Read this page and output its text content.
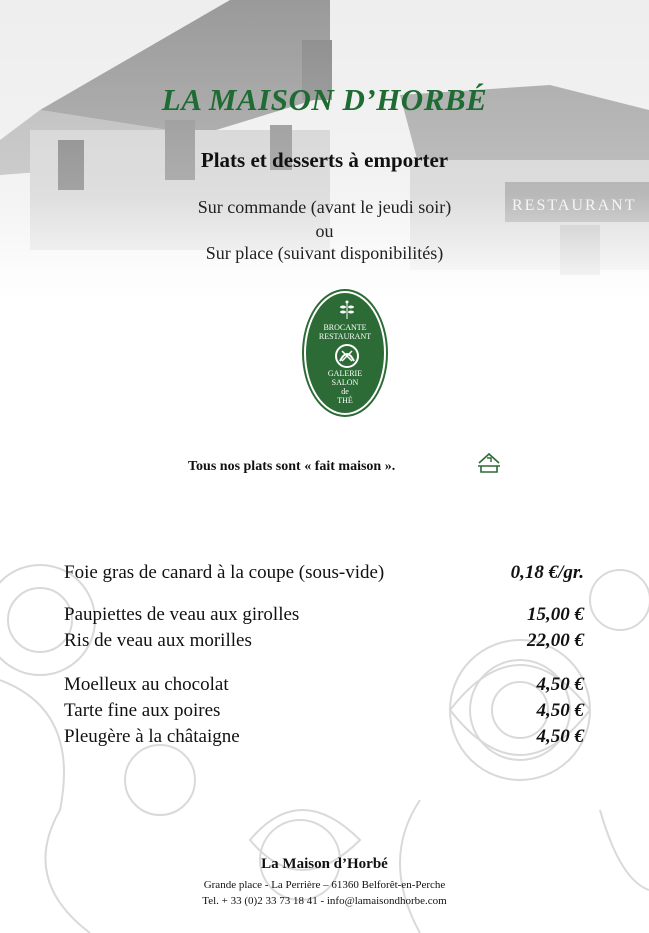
LA MAISON D’HORBÉ
Plats et desserts à emporter
Sur commande (avant le jeudi soir)
ou
Sur place (suivant disponibilités)
BROCANTE
RESTAURANT
GALERIE
SALON
de
THÉ
Tous nos plats sont « fait maison ».
Foie gras de canard à la coupe (sous-vide)	0,18 €/gr.
Paupiettes de veau aux girolles	15,00 €
Ris de veau aux morilles	22,00 €
Moelleux au chocolat	4,50 €
Tarte fine aux poires	4,50 €
Pleugère à la châtaigne	4,50 €
La Maison d’Horbé
Grande place - La Perrière – 61360 Belforêt-en-Perche
Tel. + 33 (0)2 33 73 18 41 - info@lamaisondhorbe.com
